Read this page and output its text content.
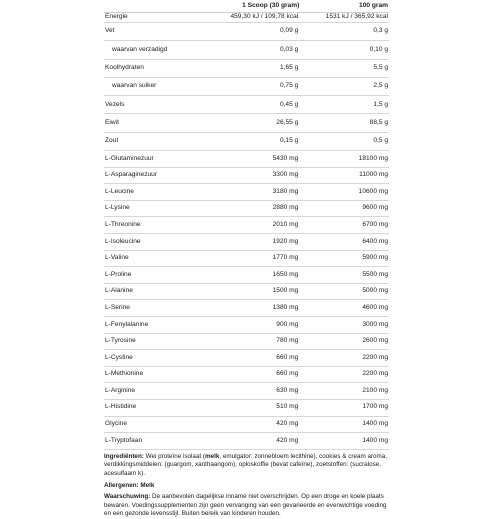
	1 Scoop (30 gram)	100 gram
Energie	459,30 kJ / 109,78 kcal	1531 kJ / 365,92 kcal
Vet	0,09 g	0,3 g
waarvan verzadigd	0,03 g	0,10 g
Koolhydraten	1,65 g	5,5 g
waarvan suiker	0,75 g	2,5 g
Vezels	0,45 g	1,5 g
Eiwit	26,55 g	88,5 g
Zout	0,15 g	0,5 g
L-Glutaminezuur	5430 mg	18100 mg
L-Asparaginezuur	3300 mg	11000 mg
L-Leucine	3180 mg	10600 mg
L-Lysine	2880 mg	9600 mg
L-Threonine	2010 mg	6700 mg
L-Isoleucine	1920 mg	6400 mg
L-Valine	1770 mg	5900 mg
L-Proline	1650 mg	5500 mg
L-Alanine	1500 mg	5000 mg
L-Serine	1380 mg	4600 mg
L-Fenylalanine	900 mg	3000 mg
L-Tyrosine	780 mg	2600 mg
L-Cystine	660 mg	2200 mg
L-Methionine	660 mg	2200 mg
L-Arginine	630 mg	2100 mg
L-Histidine	510 mg	1700 mg
Glycine	420 mg	1400 mg
L-Tryptofaan	420 mg	1400 mg
Ingrediënten: Wei proteïne isolaat (melk, emulgator: zonnebloem lecithine), cookies & cream aroma, verdikkingsmiddelen: (guargom, xanthaangom), oploskoffie (bevat cafeïne), zoetstoffen: (sucralose, acesulfaam k).
Allergenen: Melk
Waarschuwing: De aanbevolen dagelijkse inname niet overschrijden. Op een droge en koele plaats bewaren. Voedingssupplementen zijn geen vervanging van een gevarieerde en evenwichtige voeding en een gezonde levensstijl. Buiten bereik van kinderen houden.
